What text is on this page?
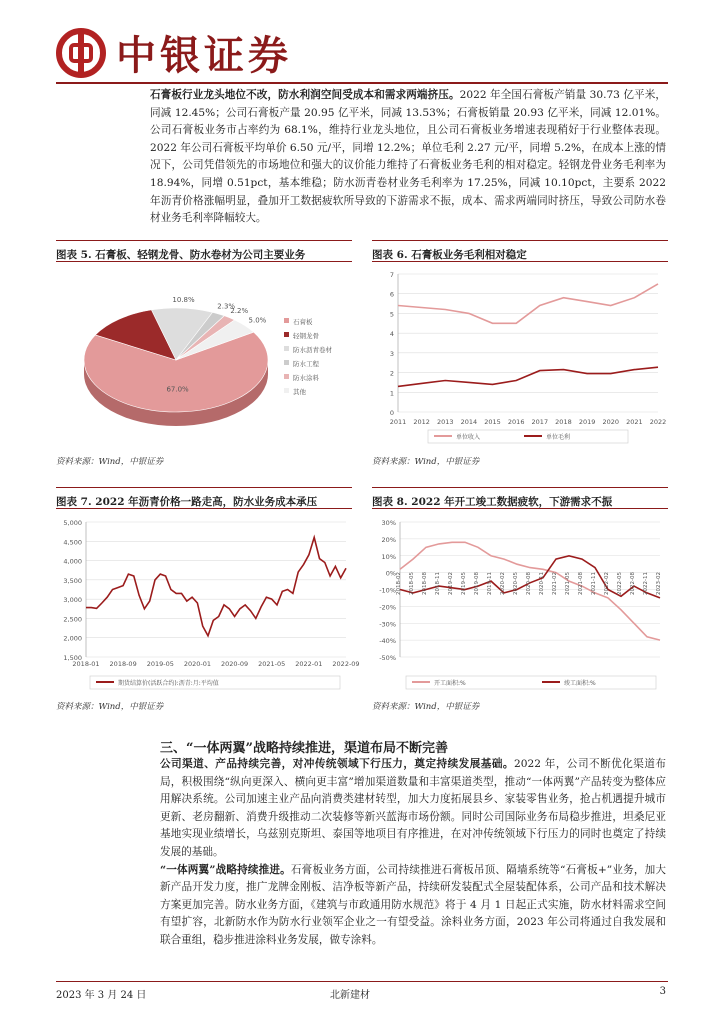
中银证券
石膏板行业龙头地位不改，防水利润空间受成本和需求两端挤压。2022 年全国石膏板产销量 30.73 亿平米，同减 12.45%；公司石膏板产量 20.95 亿平米，同减 13.53%；石膏板销量 20.93 亿平米，同减 12.01%。公司石膏板业务市占率约为 68.1%，维持行业龙头地位，且公司石膏板业务增速表现稍好于行业整体表现。2022 年公司石膏板平均单价 6.50 元/平，同增 12.2%；单位毛利 2.27 元/平，同增 5.2%，在成本上涨的情况下，公司凭借领先的市场地位和强大的议价能力维持了石膏板业务毛利的相对稳定。轻钢龙骨业务毛利率为 18.94%，同增 0.51pct，基本维稳；防水沥青卷材业务毛利率为 17.25%，同减 10.10pct，主要系 2022 年沥青价格涨幅明显，叠加开工数据疲软所导致的下游需求不振，成本、需求两端同时挤压，导致公司防水卷材业务毛利率降幅较大。
图表 5. 石膏板、轻钢龙骨、防水卷材为公司主要业务
67.0%
10.8%
2.3%
2.2%
5.0%	石膏板
轻钢龙骨
防水沥青卷材
防水工程
防水涂料
其他
资料来源：Wind，中银证券
图表 6. 石膏板业务毛利相对稳定
0
1
2
3
4
5
6
7
2011 2012 2013 2014 2015 2016 2017 2018 2019 2020 2021 2022
单位收入	单位毛利
资料来源：Wind，中银证券
图表 7. 2022 年沥青价格一路走高，防水业务成本承压
1,500
2,000
2,500
3,000
3,500
4,000
4,500
5,000
2018-01 2018-09 2019-05 2020-01 2020-09 2021-05 2022-01 2022-09
期货结算价(活跃合约):沥青:月:平均值
资料来源：Wind，中银证券
图表 8. 2022 年开工竣工数据疲软，下游需求不振
-50%
-40%
-30%
-20%
-10%
0%
10%
20%
30%
2018-02 2018-05 2018-08 2018-11 2019-02 2019-05 2019-08 2019-11 2020-02 2020-05 2020-08 2020-11 2021-02 2021-05 2021-08 2021-11 2022-02 2022-05 2022-08 2022-11 2023-02
开工面积:%	竣工面积:%
资料来源：Wind，中银证券
三、“一体两翼”战略持续推进，渠道布局不断完善
公司渠道、产品持续完善，对冲传统领域下行压力，奠定持续发展基础。2022 年，公司不断优化渠道布局，积极围绕“纵向更深入、横向更丰富”增加渠道数量和丰富渠道类型，推动“一体两翼”产品转变为整体应用解决系统。公司加速主业产品向消费类建材转型，加大力度拓展县乡、家装零售业务，抢占机遇提升城市更新、老房翻新、消费升级推动二次装修等新兴蓝海市场份额。同时公司国际业务布局稳步推进，坦桑尼亚基地实现业绩增长，乌兹别克斯坦、泰国等地项目有序推进，在对冲传统领域下行压力的同时也奠定了持续发展的基础。
“一体两翼”战略持续推进。石膏板业务方面，公司持续推进石膏板吊顶、隔墙系统等“石膏板+”业务，加大新产品开发力度，推广龙牌金刚板、洁净板等新产品，持续研发装配式全屋装配体系，公司产品和技术解决方案更加完善。防水业务方面，《建筑与市政通用防水规范》将于 4 月 1 日起正式实施，防水材料需求空间有望扩容，北新防水作为防水行业领军企业之一有望受益。涂料业务方面，2023 年公司将通过自我发展和联合重组，稳步推进涂料业务发展，做专涂料。
2023 年 3 月 24 日	北新建材	3
